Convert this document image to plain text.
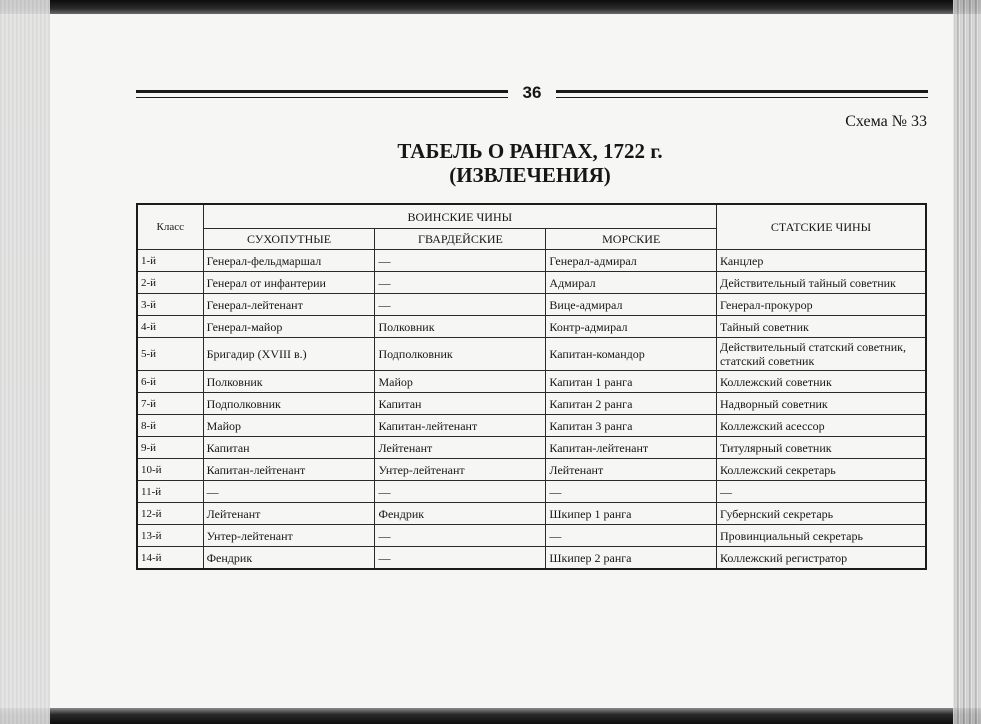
36
Схема № 33
ТАБЕЛЬ О РАНГАХ, 1722 г.
(ИЗВЛЕЧЕНИЯ)
Класс	ВОИНСКИЕ ЧИНЫ			СТАТСКИЕ ЧИНЫ
	СУХОПУТНЫЕ	ГВАРДЕЙСКИЕ	МОРСКИЕ	
1-й	Генерал-фельдмаршал	—	Генерал-адмирал	Канцлер
2-й	Генерал от инфантерии	—	Адмирал	Действительный тайный советник
3-й	Генерал-лейтенант	—	Вице-адмирал	Генерал-прокурор
4-й	Генерал-майор	Полковник	Контр-адмирал	Тайный советник
5-й	Бригадир (XVIII в.)	Подполковник	Капитан-командор	Действительный статский советник,
статский советник

6-й	Полковник	Майор	Капитан 1 ранга	Коллежский советник
7-й	Подполковник	Капитан	Капитан 2 ранга	Надворный советник
8-й	Майор	Капитан-лейтенант	Капитан 3 ранга	Коллежский асессор
9-й	Капитан	Лейтенант	Капитан-лейтенант	Титулярный советник
10-й	Капитан-лейтенант	Унтер-лейтенант	Лейтенант	Коллежский секретарь
11-й	—	—	—	—
12-й	Лейтенант	Фендрик	Шкипер 1 ранга	Губернский секретарь
13-й	Унтер-лейтенант	—	—	Провинциальный секретарь
14-й	Фендрик	—	Шкипер 2 ранга	Коллежский регистратор
